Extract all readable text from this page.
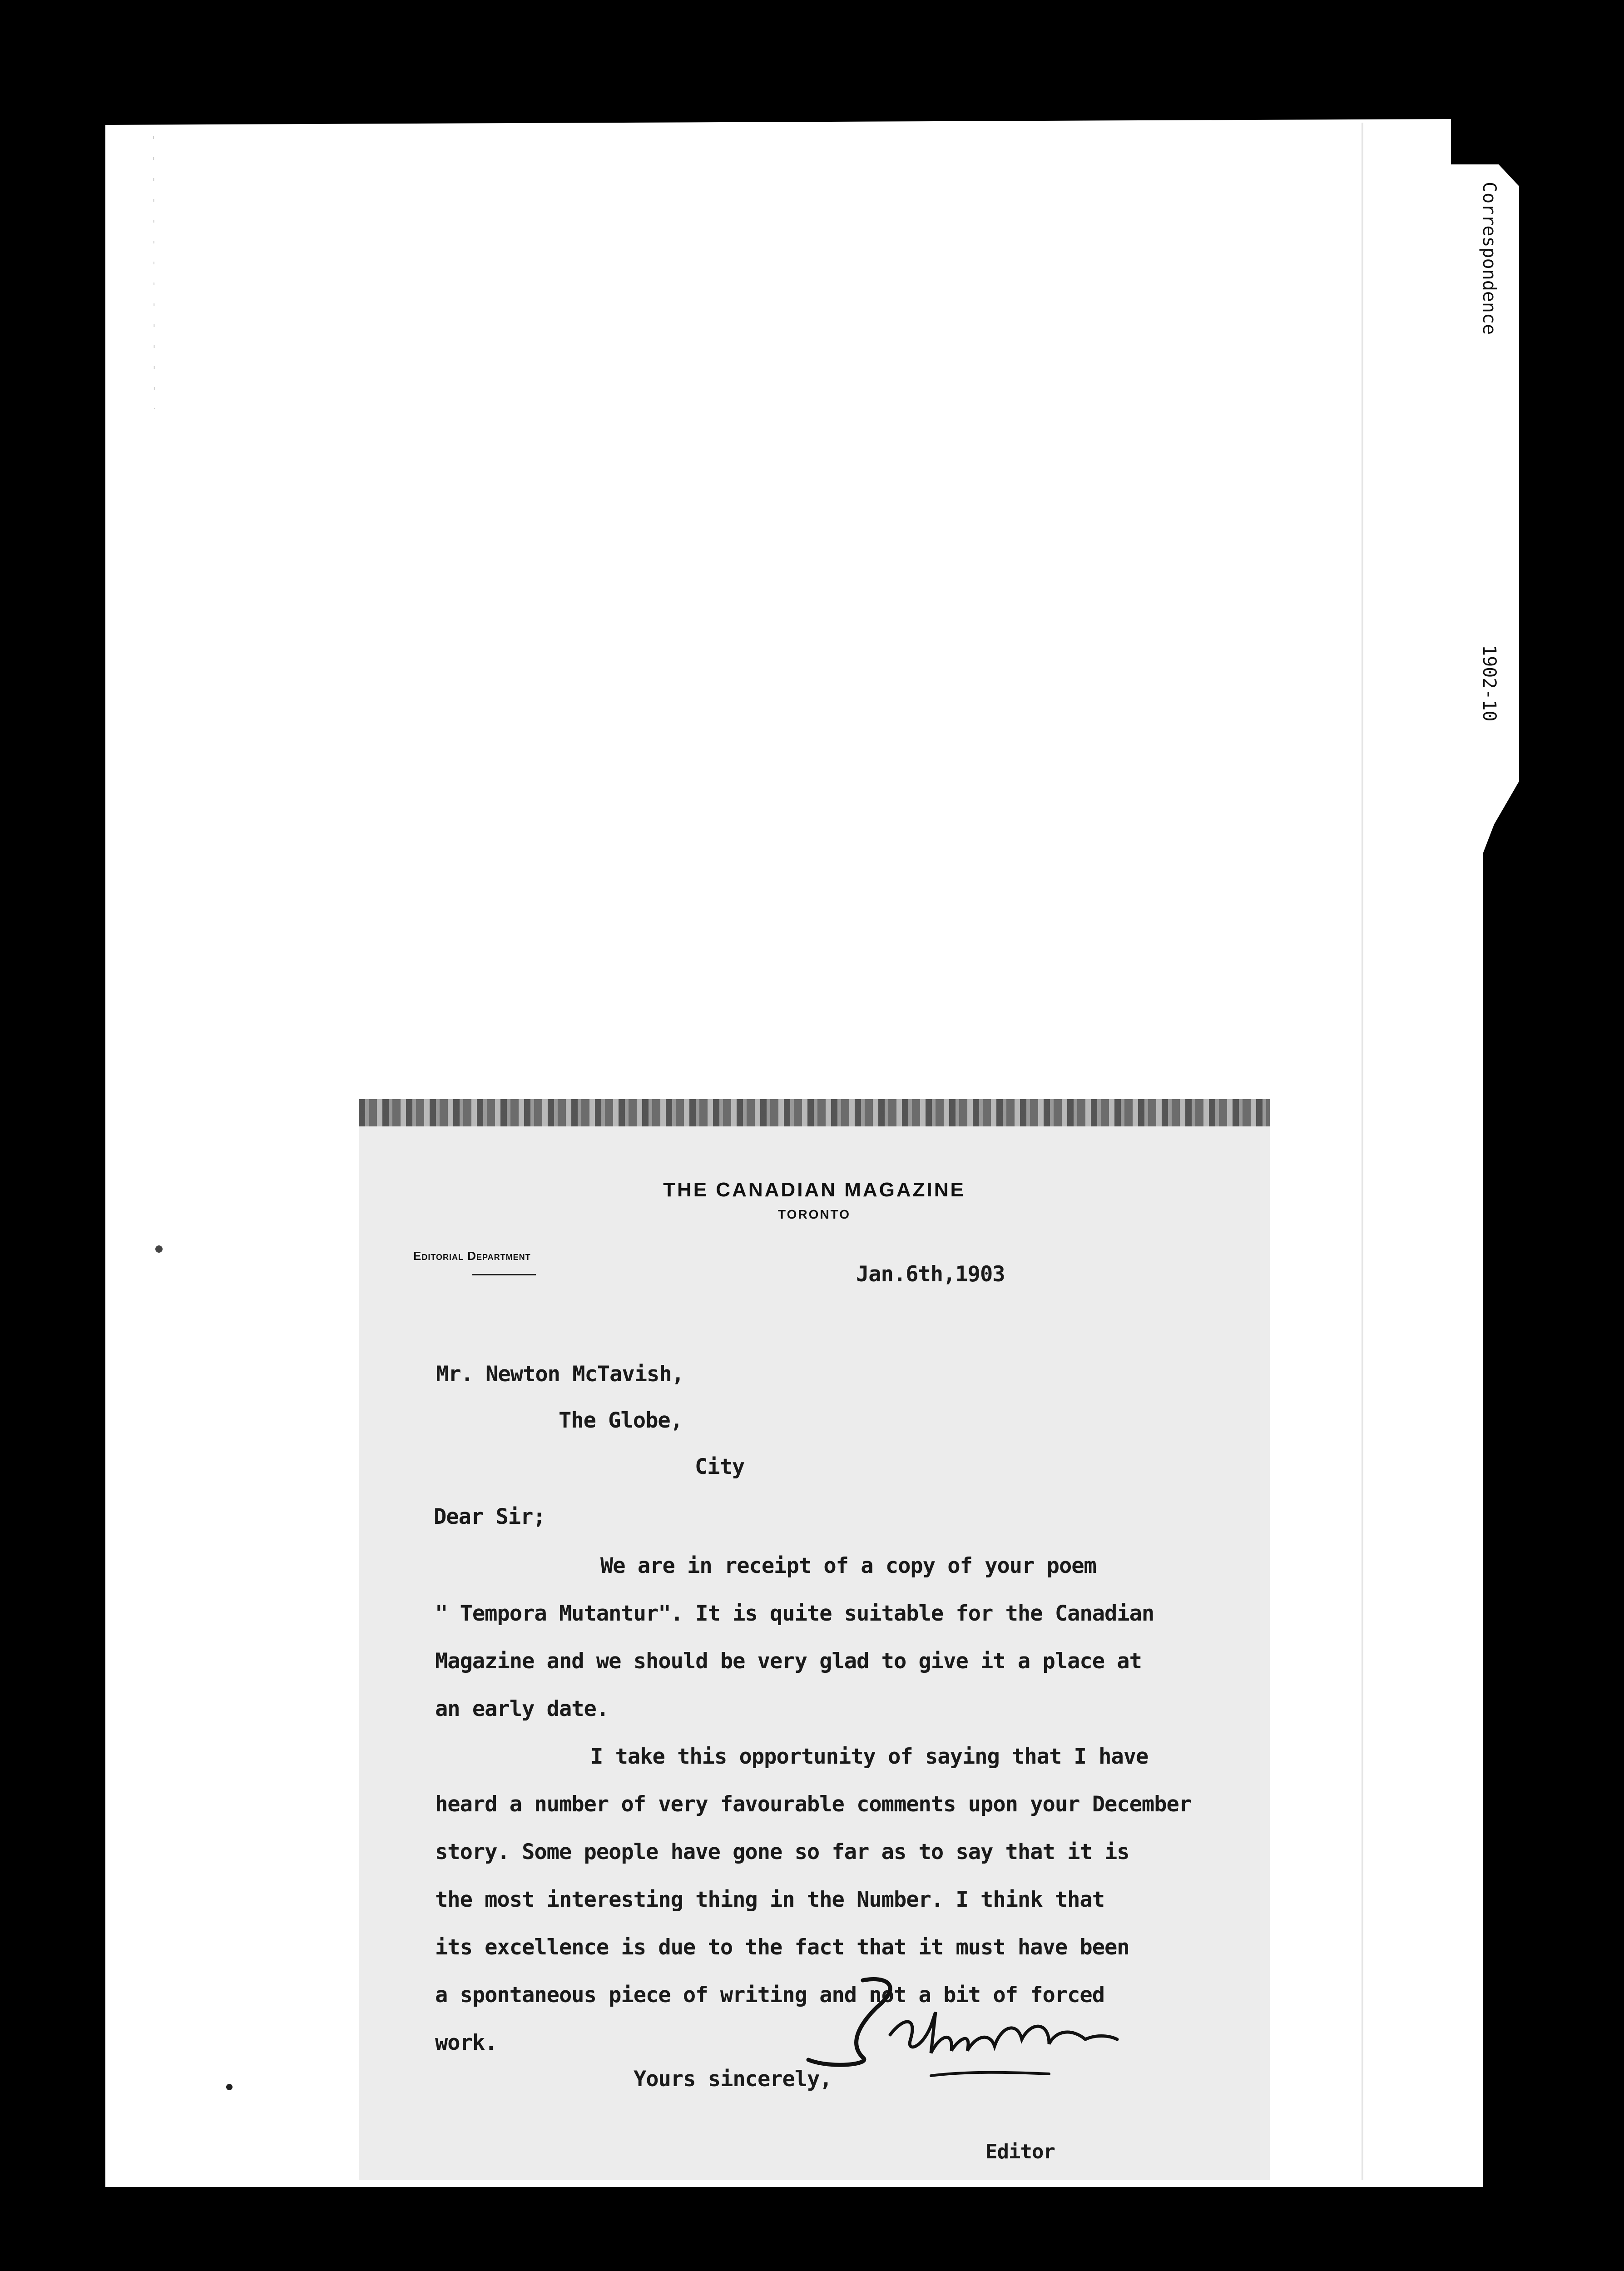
Correspondence
1902-10
THE CANADIAN MAGAZINE
TORONTO
Editorial Department
Jan.6th,1903
Mr. Newton McTavish,
The Globe,
City
Dear Sir;
We are in receipt of a copy of your poem
" Tempora Mutantur". It is quite suitable for the Canadian
Magazine and we should be very glad to give it a place at
an early date.
I take this opportunity of saying that I have
heard a number of very favourable comments upon your December
story. Some people have gone so far as to say that it is
the most interesting thing in the Number. I think that
its excellence is due to the fact that it must have been
a spontaneous piece of writing and not a bit of forced
work.
Yours sincerely,
Editor
